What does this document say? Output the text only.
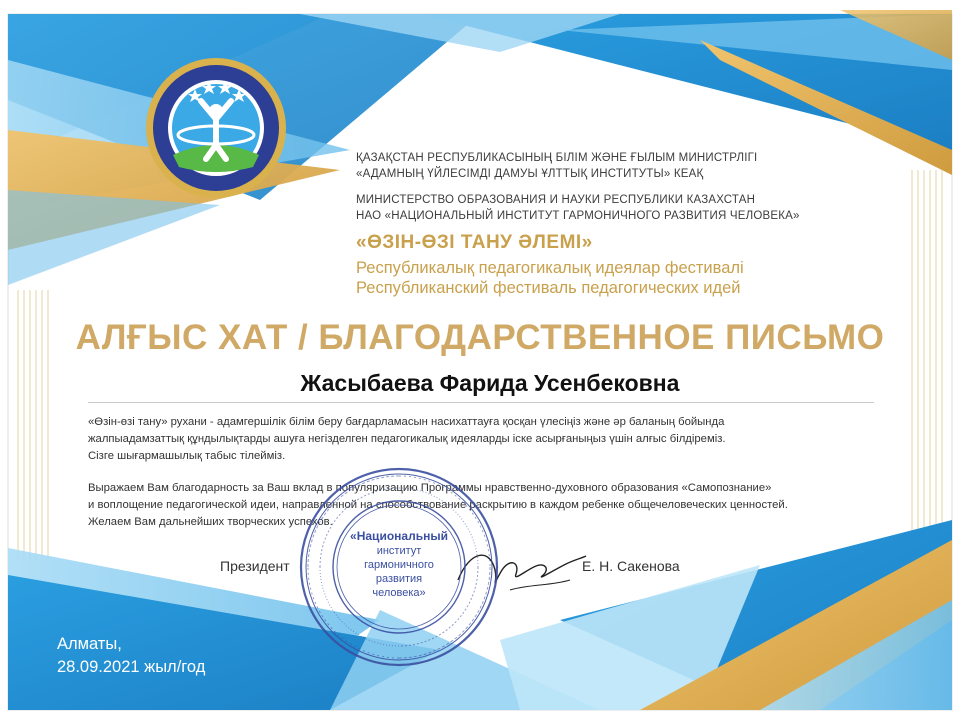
ҚАЗАҚСТАН РЕСПУБЛИКАСЫНЫҢ БІЛІМ ЖӘНЕ ҒЫЛЫМ МИНИСТРЛІГІ
«АДАМНЫҢ ҮЙЛЕСІМДІ ДАМУЫ ҰЛТТЫҚ ИНСТИТУТЫ» КЕАҚ
МИНИСТЕРСТВО ОБРАЗОВАНИЯ И НАУКИ РЕСПУБЛИКИ КАЗАХСТАН
НАО «НАЦИОНАЛЬНЫЙ ИНСТИТУТ ГАРМОНИЧНОГО РАЗВИТИЯ ЧЕЛОВЕКА»
«ӨЗІН-ӨЗІ ТАНУ ӘЛЕМІ»
Республикалық педагогикалық идеялар фестивалі
Республиканский фестиваль педагогических идей
АЛҒЫС ХАТ / БЛАГОДАРСТВЕННОЕ ПИСЬМО
Жасыбаева Фарида Усенбековна
«Өзін-өзі тану» рухани - адамгершілік білім беру бағдарламасын насихаттауға қосқан үлесіңіз және әр баланың бойында
жалпыадамзаттық құндылықтарды ашуға негізделген педагогикалық идеяларды іске асырғаныңыз үшін алғыс білдіреміз.
Сізге шығармашылық табыс тілейміз.
Выражаем Вам благодарность за Ваш вклад в популяризацию Программы нравственно-духовного образования «Самопознание»
и воплощение педагогической идеи, направленной на способствование раскрытию в каждом ребенке общечеловеческих ценностей.
Желаем Вам дальнейших творческих успехов.
Президент	Е. Н. Сакенова
«Национальный
институт
гармоничного
развития
человека»
Алматы,
28.09.2021 жыл/год
